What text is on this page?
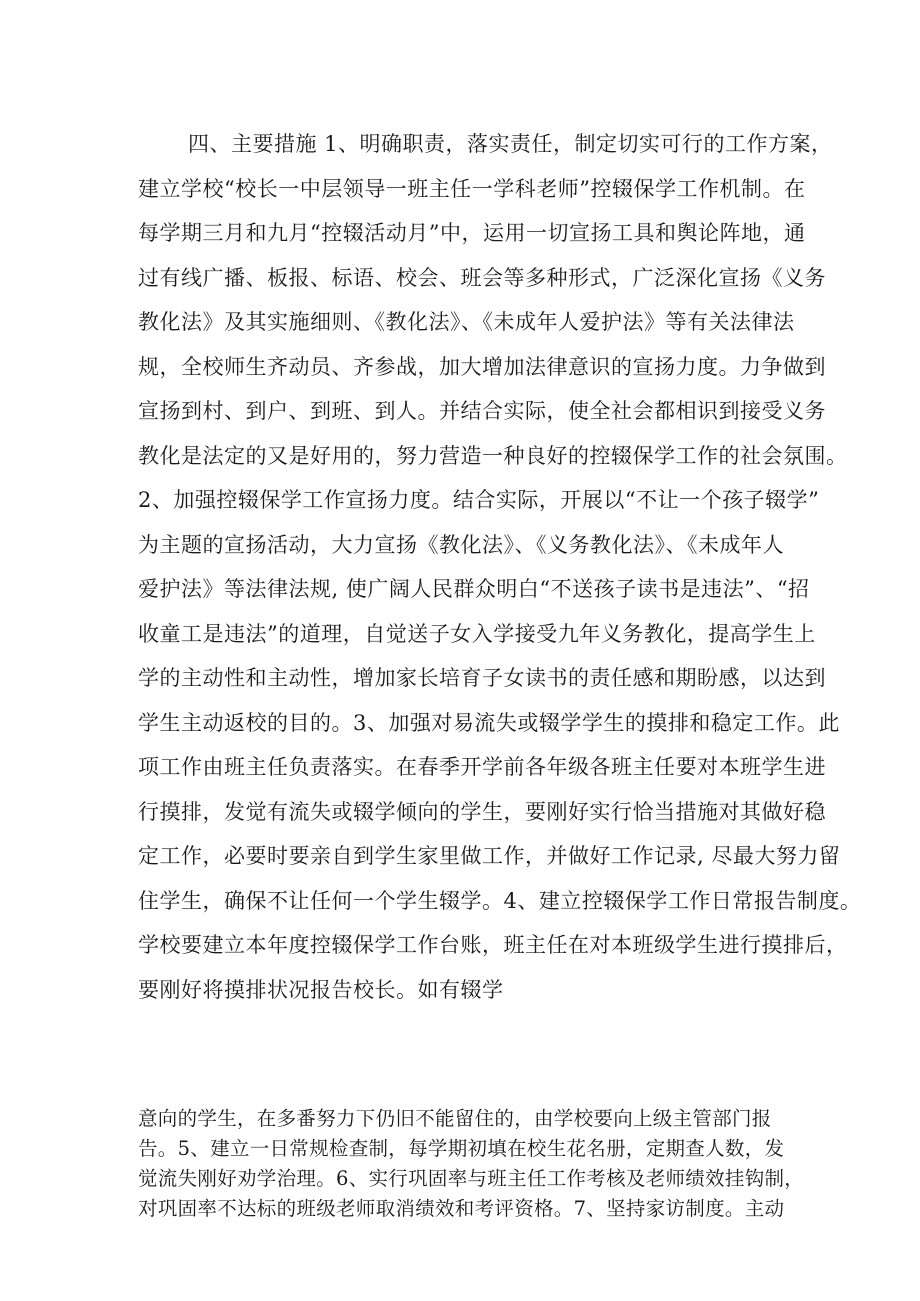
四、主要措施 1、明确职责，落实责任，制定切实可行的工作方案，
建立学校“校长一中层领导一班主任一学科老师”控辍保学工作机制。在
每学期三月和九月“控辍活动月”中，运用一切宣扬工具和舆论阵地，通
过有线广播、板报、标语、校会、班会等多种形式，广泛深化宣扬《义务
教化法》及其实施细则、《教化法》、《未成年人爱护法》等有关法律法
规，全校师生齐动员、齐参战，加大增加法律意识的宣扬力度。力争做到
宣扬到村、到户、到班、到人。并结合实际，使全社会都相识到接受义务
教化是法定的又是好用的，努力营造一种良好的控辍保学工作的社会氛围。
2、加强控辍保学工作宣扬力度。结合实际，开展以“不让一个孩子辍学”
为主题的宣扬活动，大力宣扬《教化法》、《义务教化法》、《未成年人
爱护法》等法律法规, 使广阔人民群众明白“不送孩子读书是违法”、“招
收童工是违法”的道理，自觉送子女入学接受九年义务教化，提高学生上
学的主动性和主动性，增加家长培育子女读书的责任感和期盼感，以达到
学生主动返校的目的。3、加强对易流失或辍学学生的摸排和稳定工作。此
项工作由班主任负责落实。在春季开学前各年级各班主任要对本班学生进
行摸排，发觉有流失或辍学倾向的学生，要刚好实行恰当措施对其做好稳
定工作，必要时要亲自到学生家里做工作，并做好工作记录, 尽最大努力留
住学生，确保不让任何一个学生辍学。4、建立控辍保学工作日常报告制度。
学校要建立本年度控辍保学工作台账，班主任在对本班级学生进行摸排后，
要刚好将摸排状况报告校长。如有辍学
意向的学生，在多番努力下仍旧不能留住的，由学校要向上级主管部门报
告。5、建立一日常规检查制，每学期初填在校生花名册，定期查人数，发
觉流失刚好劝学治理。6、实行巩固率与班主任工作考核及老师绩效挂钩制，
对巩固率不达标的班级老师取消绩效和考评资格。7、坚持家访制度。主动
